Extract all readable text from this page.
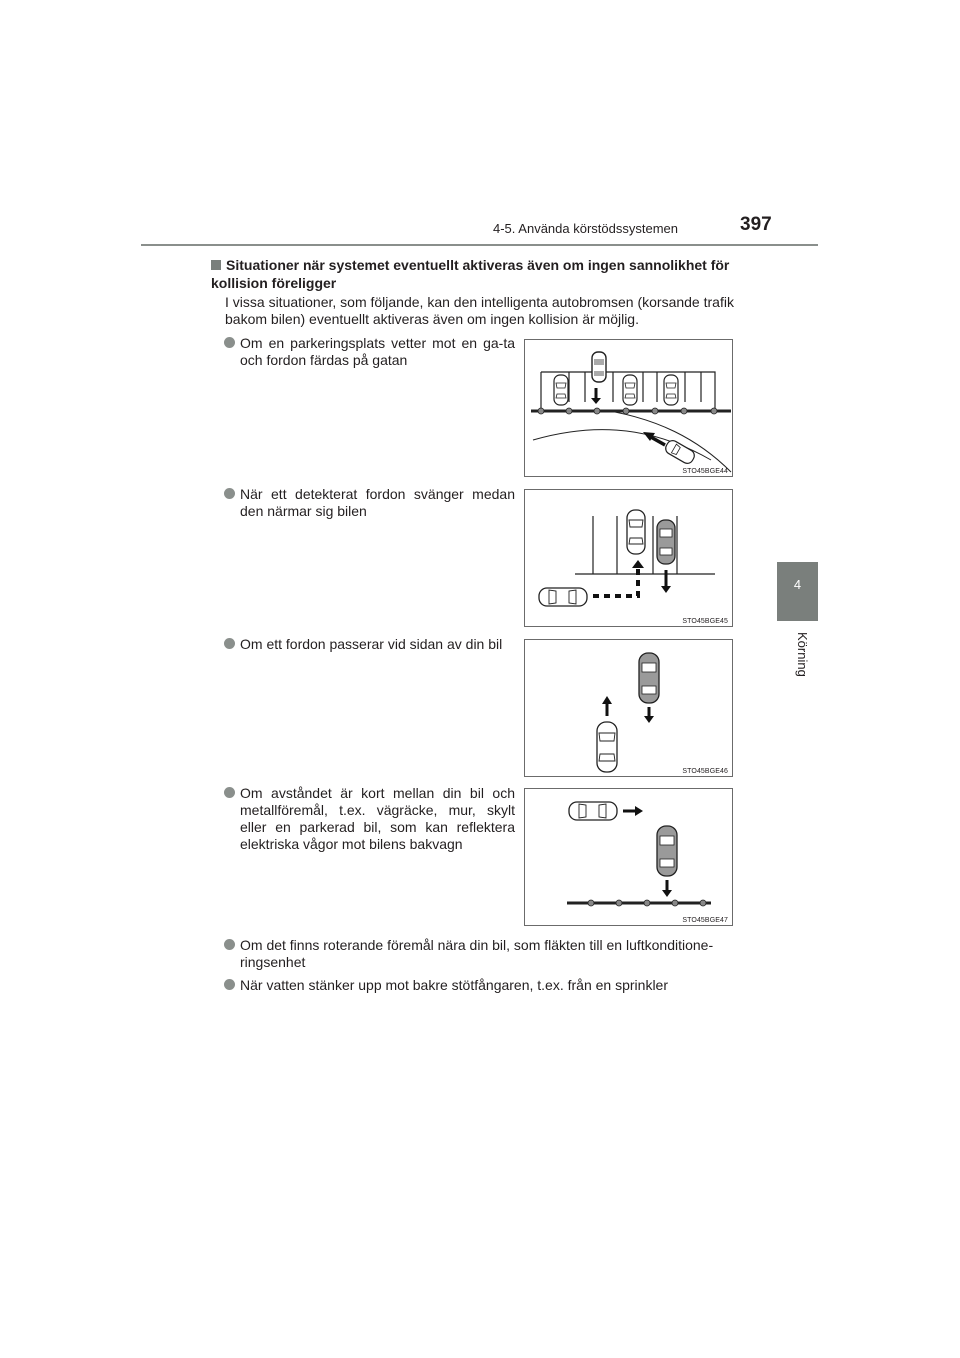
4-5. Använda körstödssystemen	397
4
Körning
Situationer när systemet eventuellt aktiveras även om ingen sannolikhet för kollision föreligger
I vissa situationer, som följande, kan den intelligenta autobromsen (korsande trafik bakom bilen) eventuellt aktiveras även om ingen kollision är möjlig.
Om en parkeringsplats vetter mot en ga-ta och fordon färdas på gatan
STO45BGE44
När ett detekterat fordon svänger medan den närmar sig bilen
STO45BGE45
Om ett fordon passerar vid sidan av din bil
STO45BGE46
Om avståndet är kort mellan din bil och metallföremål, t.ex. vägräcke, mur, skylt eller en parkerad bil, som kan reflektera elektriska vågor mot bilens bakvagn
STO45BGE47
Om det finns roterande föremål nära din bil, som fläkten till en luftkonditione-ringsenhet
När vatten stänker upp mot bakre stötfångaren, t.ex. från en sprinkler
